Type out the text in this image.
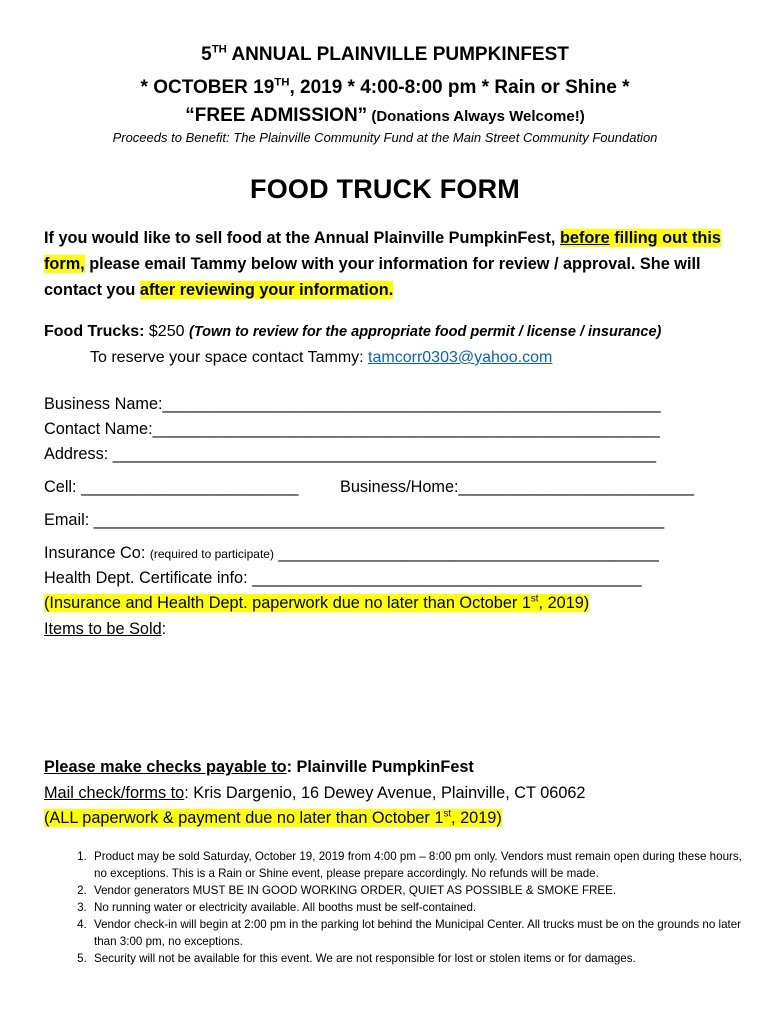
5TH ANNUAL PLAINVILLE PUMPKINFEST
* OCTOBER 19TH, 2019 * 4:00-8:00 pm * Rain or Shine *
“FREE ADMISSION” (Donations Always Welcome!)
Proceeds to Benefit: The Plainville Community Fund at the Main Street Community Foundation
FOOD TRUCK FORM
If you would like to sell food at the Annual Plainville PumpkinFest, before filling out this form, please email Tammy below with your information for review / approval. She will contact you after reviewing your information.
Food Trucks: $250 (Town to review for the appropriate food permit / license / insurance)
To reserve your space contact Tammy: tamcorr0303@yahoo.com
Business Name:_______________________________________________________
Contact Name:________________________________________________________
Address: ____________________________________________________________
Cell: ________________________	Business/Home:__________________________
Email: _______________________________________________________________
Insurance Co: (required to participate) __________________________________________
Health Dept. Certificate info: ___________________________________________
(Insurance and Health Dept. paperwork due no later than October 1st, 2019)
Items to be Sold:
Please make checks payable to: Plainville PumpkinFest
Mail check/forms to: Kris Dargenio, 16 Dewey Avenue, Plainville, CT 06062
(ALL paperwork & payment due no later than October 1st, 2019)
1. Product may be sold Saturday, October 19, 2019 from 4:00 pm – 8:00 pm only. Vendors must remain open during these hours, no exceptions. This is a Rain or Shine event, please prepare accordingly. No refunds will be made.
2. Vendor generators MUST BE IN GOOD WORKING ORDER, QUIET AS POSSIBLE & SMOKE FREE.
3. No running water or electricity available. All booths must be self-contained.
4. Vendor check-in will begin at 2:00 pm in the parking lot behind the Municipal Center. All trucks must be on the grounds no later than 3:00 pm, no exceptions.
5. Security will not be available for this event. We are not responsible for lost or stolen items or for damages.
